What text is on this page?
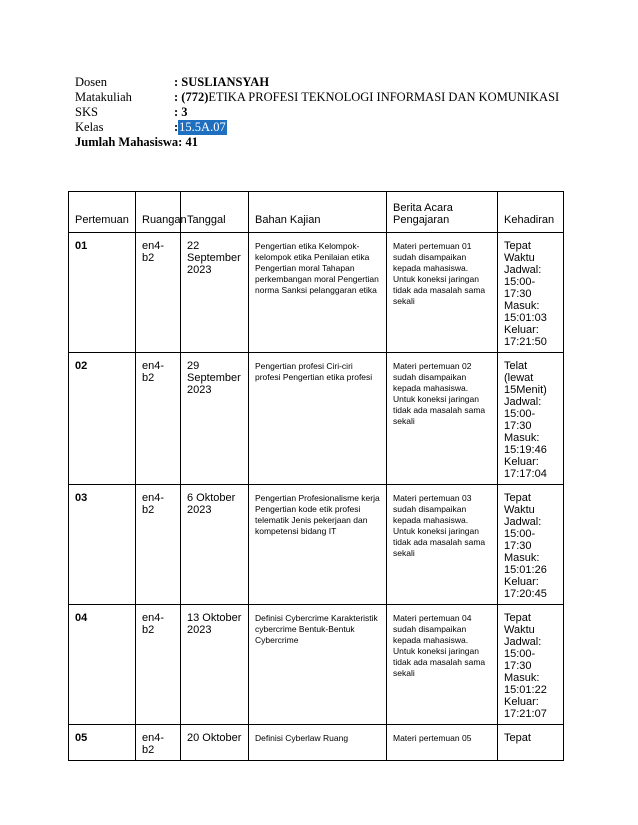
Dosen	: SUSLIANSYAH
Matakuliah	: (772) ETIKA PROFESI TEKNOLOGI INFORMASI DAN KOMUNIKASI
SKS	: 3
Kelas	: 15.5A.07
Jumlah Mahasiswa : 41
Pertemuan	Ruangan	Tanggal	Bahan Kajian	Berita Acara Pengajaran	Kehadiran
01	en4-b2	22 September 2023	Pengertian etika Kelompok-kelompok etika Penilaian etika Pengertian moral Tahapan perkembangan moral Pengertian norma Sanksi pelanggaran etika	Materi pertemuan 01 sudah disampaikan kepada mahasiswa. Untuk koneksi jaringan tidak ada masalah sama sekali	Tepat Waktu Jadwal: 15:00-17:30 Masuk: 15:01:03 Keluar: 17:21:50
02	en4-b2	29 September 2023	Pengertian profesi Ciri-ciri profesi Pengertian etika profesi	Materi pertemuan 02 sudah disampaikan kepada mahasiswa. Untuk koneksi jaringan tidak ada masalah sama sekali	Telat (lewat 15Menit) Jadwal: 15:00-17:30 Masuk: 15:19:46 Keluar: 17:17:04
03	en4-b2	6 Oktober 2023	Pengertian Profesionalisme kerja Pengertian kode etik profesi telematik Jenis pekerjaan dan kompetensi bidang IT	Materi pertemuan 03 sudah disampaikan kepada mahasiswa. Untuk koneksi jaringan tidak ada masalah sama sekali	Tepat Waktu Jadwal: 15:00-17:30 Masuk: 15:01:26 Keluar: 17:20:45
04	en4-b2	13 Oktober 2023	Definisi Cybercrime Karakteristik cybercrime Bentuk-Bentuk Cybercrime	Materi pertemuan 04 sudah disampaikan kepada mahasiswa. Untuk koneksi jaringan tidak ada masalah sama sekali	Tepat Waktu Jadwal: 15:00-17:30 Masuk: 15:01:22 Keluar: 17:21:07
05	en4-b2	20 Oktober	Definisi Cyberlaw Ruang	Materi pertemuan 05	Tepat
